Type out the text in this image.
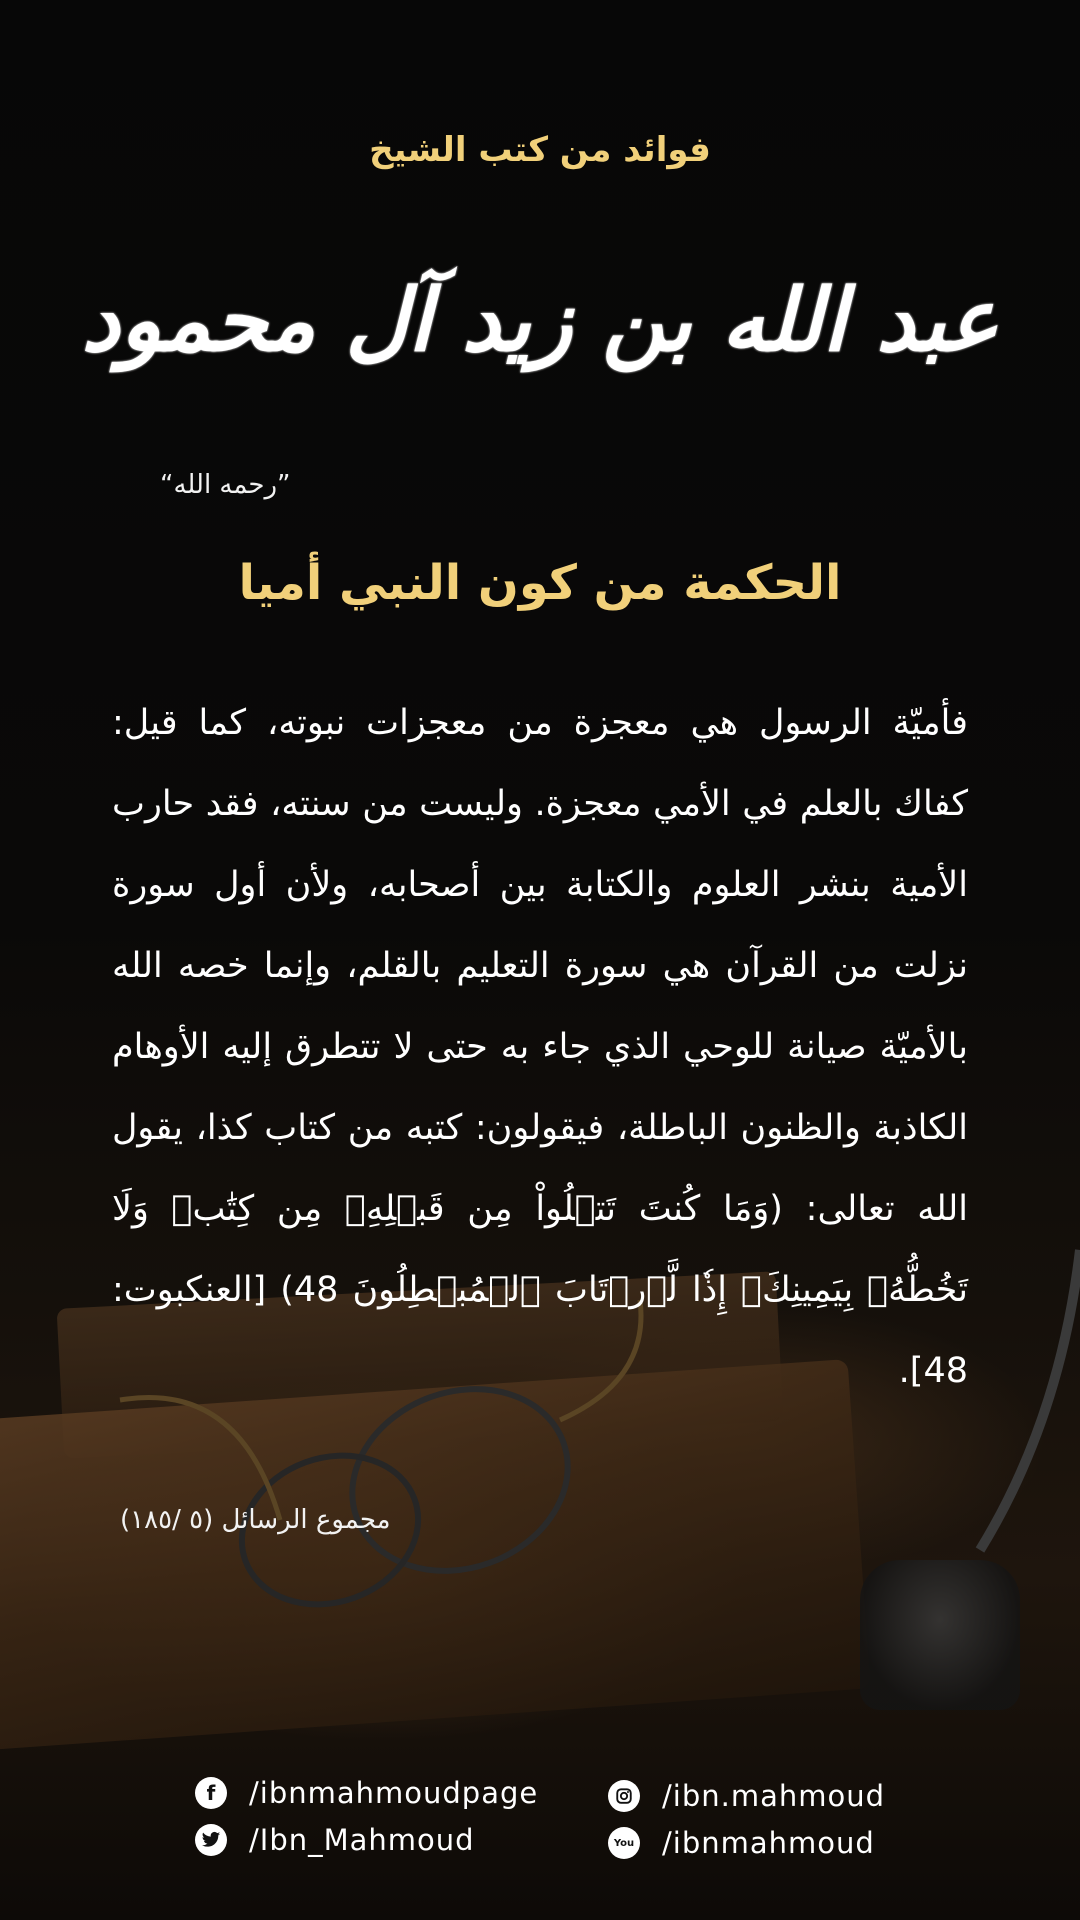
فوائد من كتب الشيخ
عبد الله بن زيد آل محمود
”رحمه الله“
الحكمة من كون النبي أميا
فأميّة الرسول هي معجزة من معجزات نبوته، كما قيل: كفاك بالعلم في الأمي معجزة. وليست من سنته، فقد حارب الأمية بنشر العلوم والكتابة بين أصحابه، ولأن أول سورة نزلت من القرآن هي سورة التعليم بالقلم، وإنما خصه الله بالأميّة صيانة للوحي الذي جاء به حتى لا تتطرق إليه الأوهام الكاذبة والظنون الباطلة، فيقولون: كتبه من كتاب كذا، يقول الله تعالى: (وَمَا كُنتَ تَتۡلُواْ مِن قَبۡلِهِۦ مِن كِتَٰبٖ وَلَا تَخُطُّهُۥ بِيَمِينِكَۖ إِذٗا لَّٱرۡتَابَ ٱلۡمُبۡطِلُونَ 48) [العنكبوت: 48].
مجموع الرسائل (٥ /١٨٥)
f	/ibnmahmoudpage
/Ibn_Mahmoud
/ibn.mahmoud
You /ibnmahmoud
